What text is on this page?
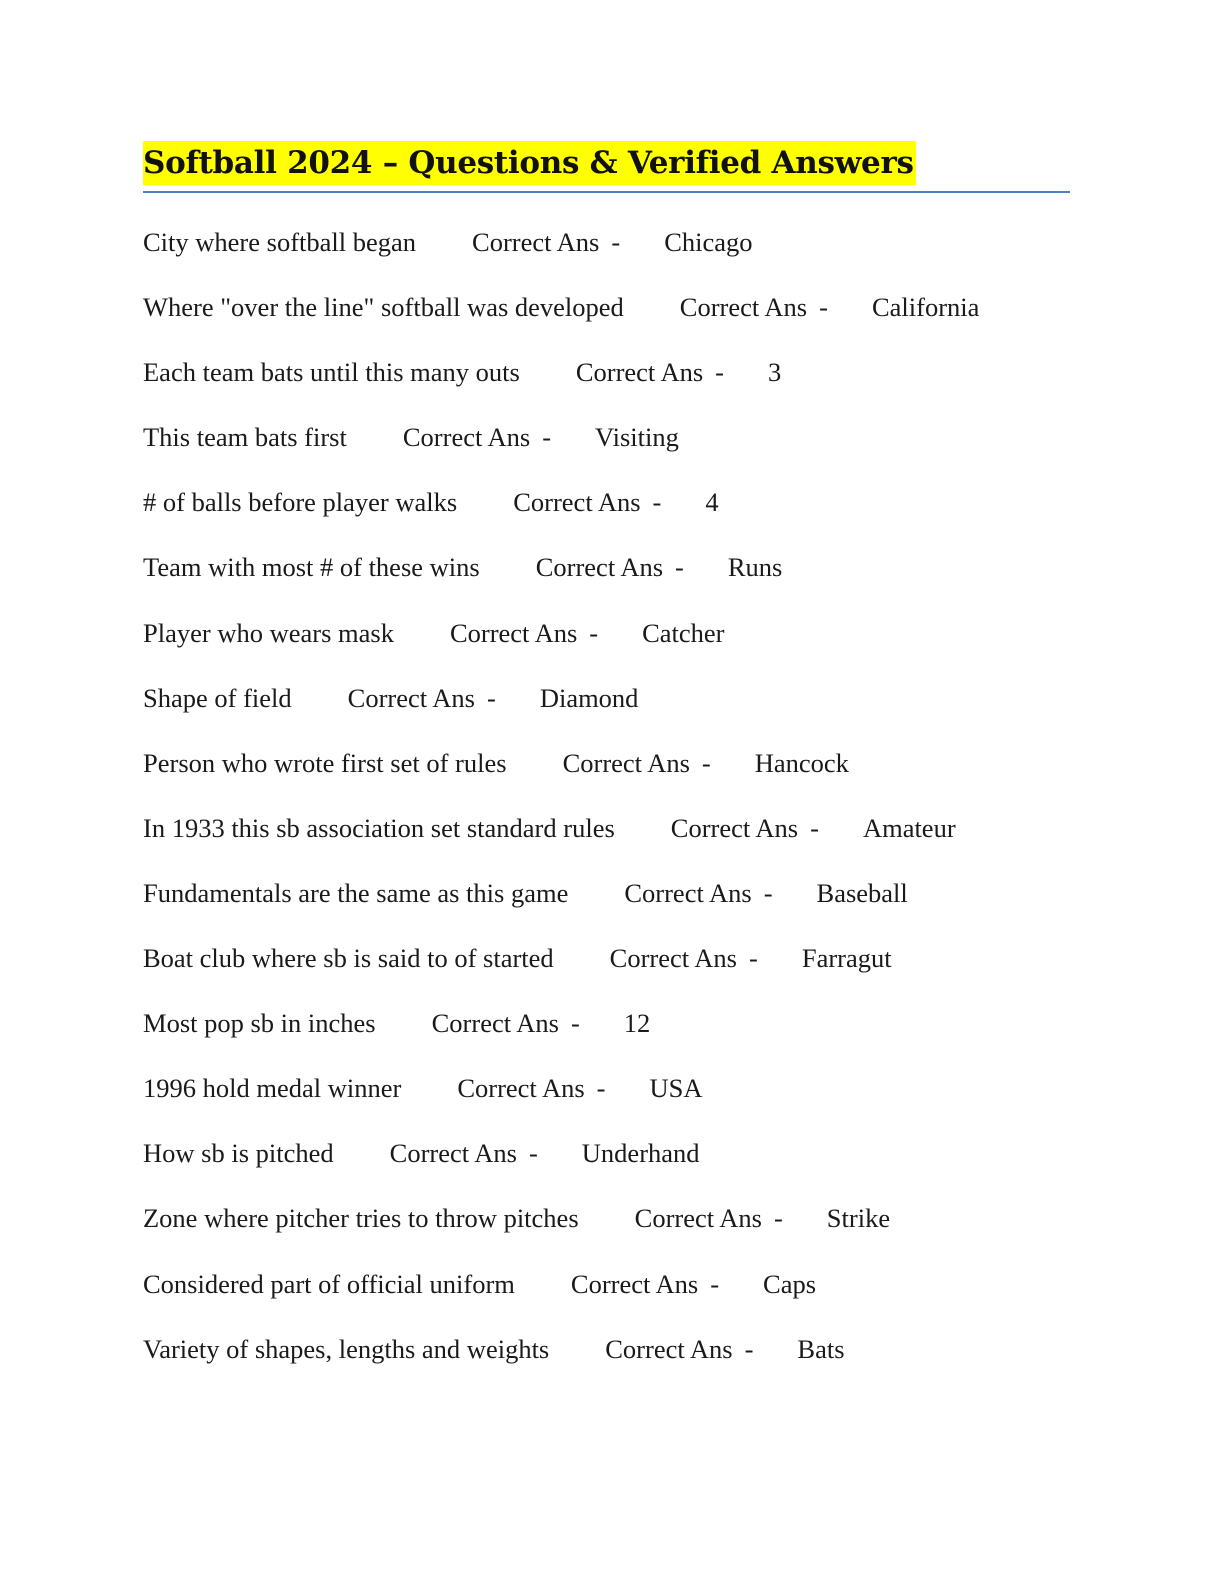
Softball 2024 – Questions & Verified Answers
City where softball began Correct Ans - Chicago
Where "over the line" softball was developed Correct Ans - California
Each team bats until this many outs Correct Ans - 3
This team bats first Correct Ans - Visiting
# of balls before player walks Correct Ans - 4
Team with most # of these wins Correct Ans - Runs
Player who wears mask Correct Ans - Catcher
Shape of field Correct Ans - Diamond
Person who wrote first set of rules Correct Ans - Hancock
In 1933 this sb association set standard rules Correct Ans - Amateur
Fundamentals are the same as this game Correct Ans - Baseball
Boat club where sb is said to of started Correct Ans - Farragut
Most pop sb in inches Correct Ans - 12
1996 hold medal winner Correct Ans - USA
How sb is pitched Correct Ans - Underhand
Zone where pitcher tries to throw pitches Correct Ans - Strike
Considered part of official uniform Correct Ans - Caps
Variety of shapes, lengths and weights Correct Ans - Bats
